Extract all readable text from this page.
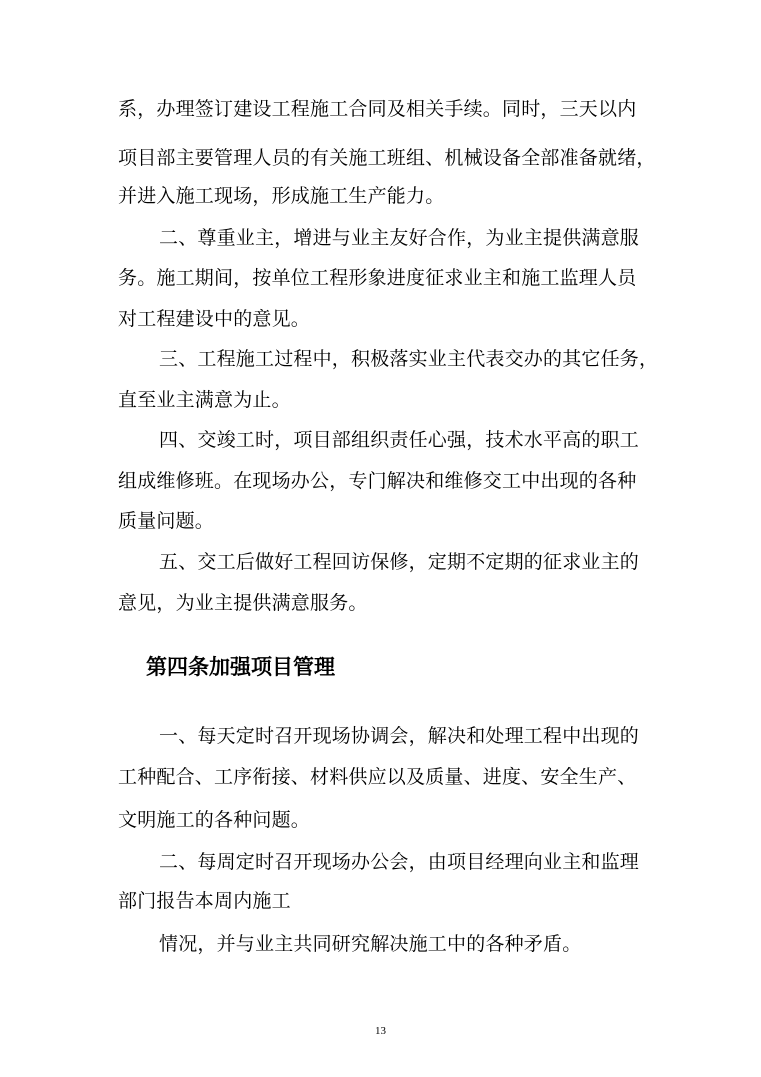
系，办理签订建设工程施工合同及相关手续。同时，三天以内
项目部主要管理人员的有关施工班组、机械设备全部准备就绪，
并进入施工现场，形成施工生产能力。
二、尊重业主，增进与业主友好合作，为业主提供满意服
务。施工期间，按单位工程形象进度征求业主和施工监理人员
对工程建设中的意见。
三、工程施工过程中，积极落实业主代表交办的其它任务，
直至业主满意为止。
四、交竣工时，项目部组织责任心强，技术水平高的职工
组成维修班。在现场办公，专门解决和维修交工中出现的各种
质量问题。
五、交工后做好工程回访保修，定期不定期的征求业主的
意见，为业主提供满意服务。
第四条加强项目管理
一、每天定时召开现场协调会，解决和处理工程中出现的
工种配合、工序衔接、材料供应以及质量、进度、安全生产、
文明施工的各种问题。
二、每周定时召开现场办公会，由项目经理向业主和监理
部门报告本周内施工
情况，并与业主共同研究解决施工中的各种矛盾。
13
